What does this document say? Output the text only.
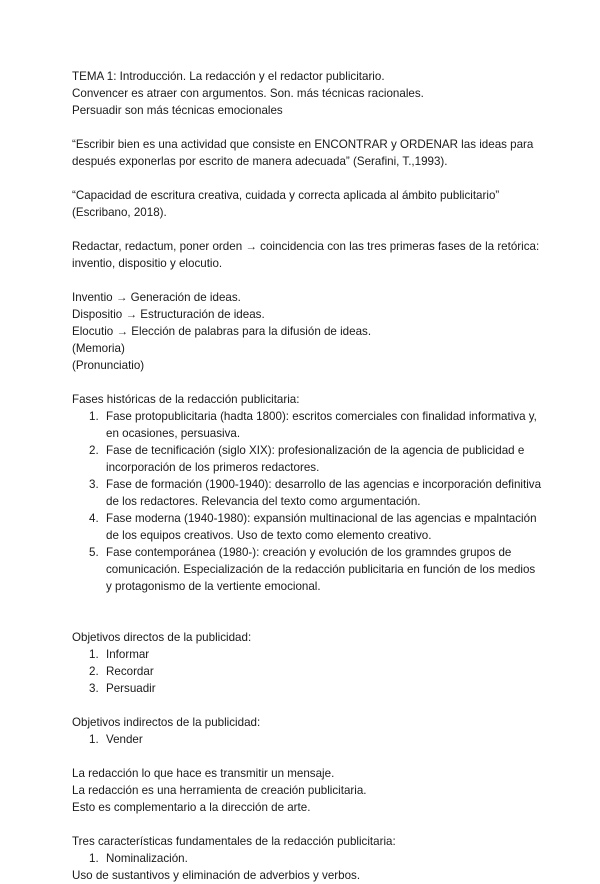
TEMA 1: Introducción. La redacción y el redactor publicitario.
Convencer es atraer con argumentos. Son. más técnicas racionales.
Persuadir son más técnicas emocionales
“Escribir bien es una actividad que consiste en ENCONTRAR y ORDENAR las ideas para
después exponerlas por escrito de manera adecuada” (Serafini, T.,1993).
“Capacidad de escritura creativa, cuidada y correcta aplicada al ámbito publicitario”
(Escribano, 2018).
Redactar, redactum, poner orden → coincidencia con las tres primeras fases de la retórica:
inventio, dispositio y elocutio.
Inventio → Generación de ideas.
Dispositio → Estructuración de ideas.
Elocutio → Elección de palabras para la difusión de ideas.
(Memoria)
(Pronunciatio)
Fases históricas de la redacción publicitaria:
1. Fase protopublicitaria (hadta 1800): escritos comerciales con finalidad informativa y,
en ocasiones, persuasiva.
2. Fase de tecnificación (siglo XIX): profesionalización de la agencia de publicidad e
incorporación de los primeros redactores.
3. Fase de formación (1900-1940): desarrollo de las agencias e incorporación definitiva
de los redactores. Relevancia del texto como argumentación.
4. Fase moderna (1940-1980): expansión multinacional de las agencias e mpalntación
de los equipos creativos. Uso de texto como elemento creativo.
5. Fase contemporánea (1980-): creación y evolución de los gramndes grupos de
comunicación. Especialización de la redacción publicitaria en función de los medios
y protagonismo de la vertiente emocional.
Objetivos directos de la publicidad:
1. Informar
2. Recordar
3. Persuadir
Objetivos indirectos de la publicidad:
1. Vender
La redacción lo que hace es transmitir un mensaje.
La redacción es una herramienta de creación publicitaria.
Esto es complementario a la dirección de arte.
Tres características fundamentales de la redacción publicitaria:
1. Nominalización.
Uso de sustantivos y eliminación de adverbios y verbos.
